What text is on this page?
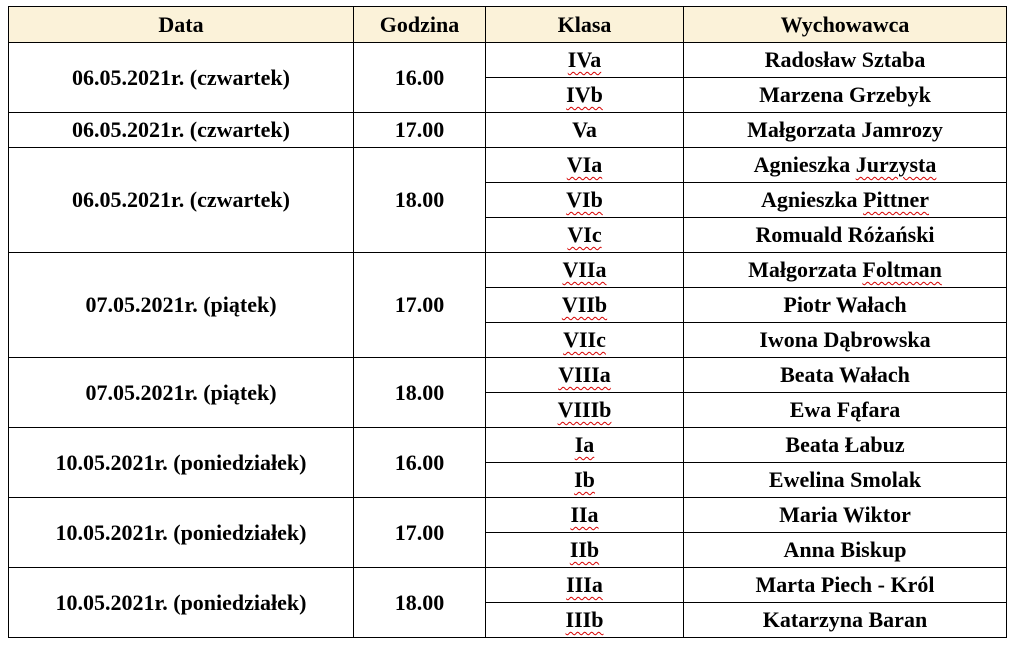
Data	Godzina	Klasa	Wychowawca
06.05.2021r. (czwartek)	16.00	IVa	Radosław Sztaba
		IVb	Marzena Grzebyk
06.05.2021r. (czwartek)	17.00	Va	Małgorzata Jamrozy
06.05.2021r. (czwartek)	18.00	VIa	Agnieszka Jurzysta
		VIb	Agnieszka Pittner
		VIc	Romuald Różański
07.05.2021r. (piątek)	17.00	VIIa	Małgorzata Foltman
		VIIb	Piotr Wałach
		VIIc	Iwona Dąbrowska
07.05.2021r. (piątek)	18.00	VIIIa	Beata Wałach
		VIIIb	Ewa Fąfara
10.05.2021r. (poniedziałek)	16.00	Ia	Beata Łabuz
		Ib	Ewelina Smolak
10.05.2021r. (poniedziałek)	17.00	IIa	Maria Wiktor
		IIb	Anna Biskup
10.05.2021r. (poniedziałek)	18.00	IIIa	Marta Piech - Król
		IIIb	Katarzyna Baran
